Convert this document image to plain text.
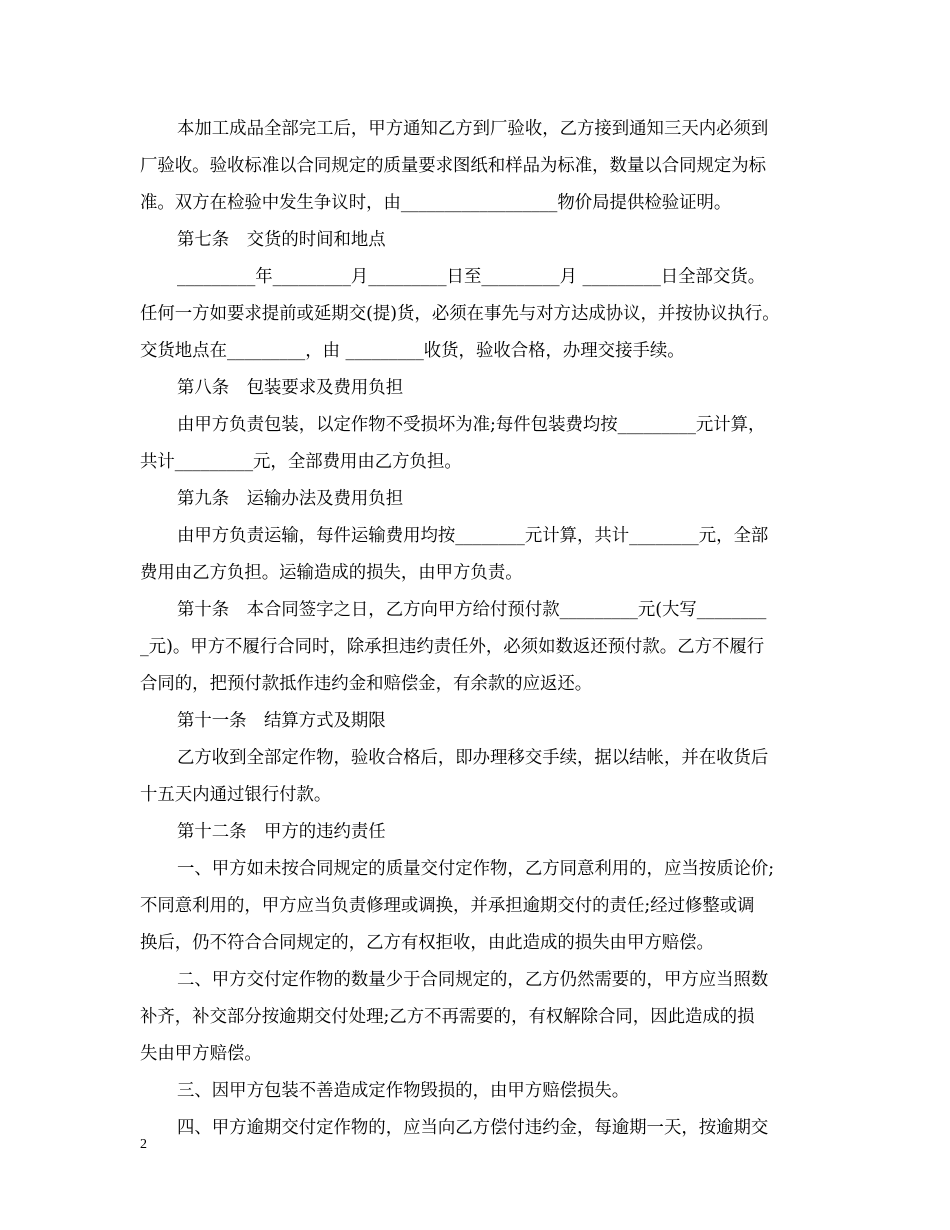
本加工成品全部完工后，甲方通知乙方到厂验收，乙方接到通知三天内必须到
厂验收。验收标准以合同规定的质量要求图纸和样品为标准，数量以合同规定为标
准。双方在检验中发生争议时，由__________________物价局提供检验证明。
第七条　交货的时间和地点
_________年_________月_________日至_________月 _________日全部交货。
任何一方如要求提前或延期交(提)货，必须在事先与对方达成协议，并按协议执行。
交货地点在_________，由 _________收货，验收合格，办理交接手续。
第八条　包装要求及费用负担
由甲方负责包装，以定作物不受损坏为准;每件包装费均按_________元计算，
共计_________元，全部费用由乙方负担。
第九条　运输办法及费用负担
由甲方负责运输，每件运输费用均按________元计算，共计________元，全部
费用由乙方负担。运输造成的损失，由甲方负责。
第十条　本合同签字之日，乙方向甲方给付预付款_________元(大写________
_元)。甲方不履行合同时，除承担违约责任外，必须如数返还预付款。乙方不履行
合同的，把预付款抵作违约金和赔偿金，有余款的应返还。
第十一条　结算方式及期限
乙方收到全部定作物，验收合格后，即办理移交手续，据以结帐，并在收货后
十五天内通过银行付款。
第十二条　甲方的违约责任
一、甲方如未按合同规定的质量交付定作物，乙方同意利用的，应当按质论价;
不同意利用的，甲方应当负责修理或调换，并承担逾期交付的责任;经过修整或调
换后，仍不符合合同规定的，乙方有权拒收，由此造成的损失由甲方赔偿。
二、甲方交付定作物的数量少于合同规定的，乙方仍然需要的，甲方应当照数
补齐，补交部分按逾期交付处理;乙方不再需要的，有权解除合同，因此造成的损
失由甲方赔偿。
三、因甲方包装不善造成定作物毁损的，由甲方赔偿损失。
四、甲方逾期交付定作物的，应当向乙方偿付违约金，每逾期一天，按逾期交
2
